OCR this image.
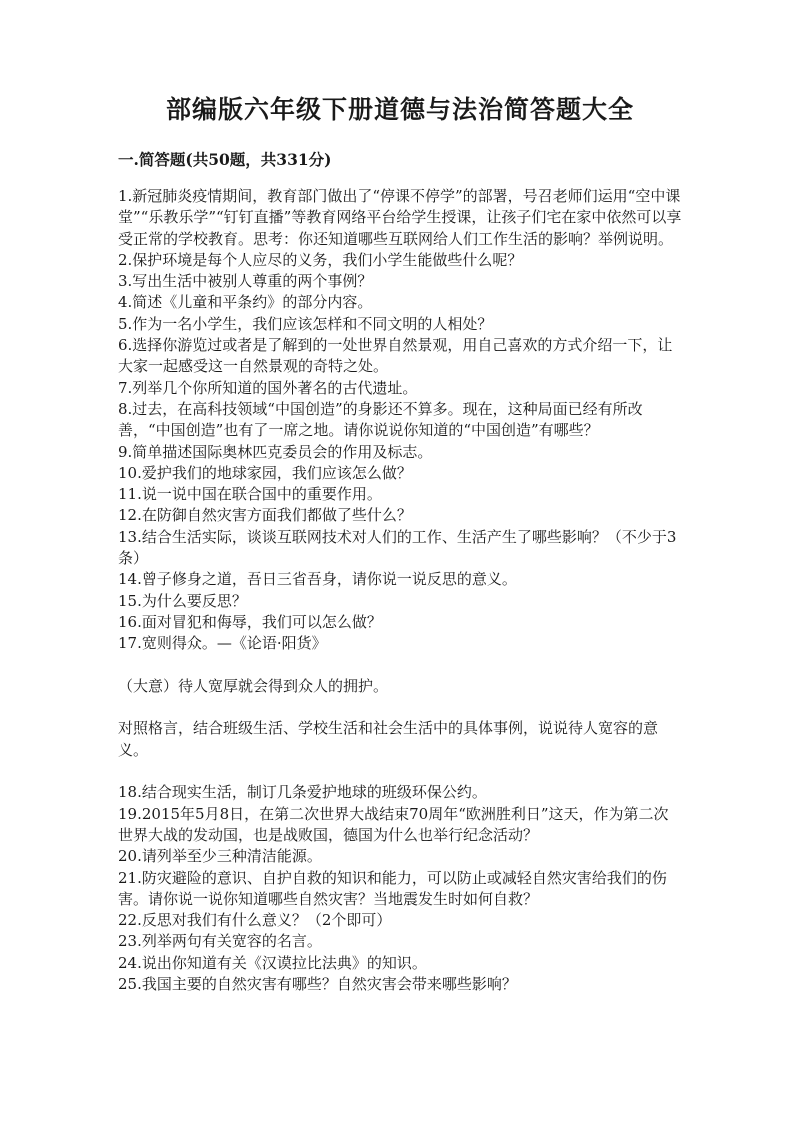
部编版六年级下册道德与法治简答题大全
一.简答题(共50题，共331分)

1.新冠肺炎疫情期间，教育部门做出了“停课不停学”的部署，号召老师们运用“空中课堂”“乐教乐学”“钉钉直播”等教育网络平台给学生授课，让孩子们宅在家中依然可以享受正常的学校教育。思考：你还知道哪些互联网给人们工作生活的影响？举例说明。

2.保护环境是每个人应尽的义务，我们小学生能做些什么呢？

3.写出生活中被别人尊重的两个事例？

4.简述《儿童和平条约》的部分内容。

5.作为一名小学生，我们应该怎样和不同文明的人相处？

6.选择你游览过或者是了解到的一处世界自然景观，用自己喜欢的方式介绍一下，让大家一起感受这一自然景观的奇特之处。

7.列举几个你所知道的国外著名的古代遗址。

8.过去，在高科技领域“中国创造”的身影还不算多。现在，这种局面已经有所改善，“中国创造”也有了一席之地。请你说说你知道的“中国创造”有哪些？

9.简单描述国际奥林匹克委员会的作用及标志。

10.爱护我们的地球家园，我们应该怎么做？

11.说一说中国在联合国中的重要作用。

12.在防御自然灾害方面我们都做了些什么？

13.结合生活实际，谈谈互联网技术对人们的工作、生活产生了哪些影响？（不少于3条）

14.曾子修身之道，吾日三省吾身，请你说一说反思的意义。

15.为什么要反思？

16.面对冒犯和侮辱，我们可以怎么做？

17.宽则得众。—《论语·阳货》

（大意）待人宽厚就会得到众人的拥护。

对照格言，结合班级生活、学校生活和社会生活中的具体事例，说说待人宽容的意义。

18.结合现实生活，制订几条爱护地球的班级环保公约。

19.2015年5月8日，在第二次世界大战结束70周年“欧洲胜利日”这天，作为第二次世界大战的发动国，也是战败国，德国为什么也举行纪念活动？

20.请列举至少三种清洁能源。

21.防灾避险的意识、自护自救的知识和能力，可以防止或减轻自然灾害给我们的伤害。请你说一说你知道哪些自然灾害？当地震发生时如何自救？

22.反思对我们有什么意义？（2个即可）

23.列举两句有关宽容的名言。

24.说出你知道有关《汉谟拉比法典》的知识。

25.我国主要的自然灾害有哪些？自然灾害会带来哪些影响？
